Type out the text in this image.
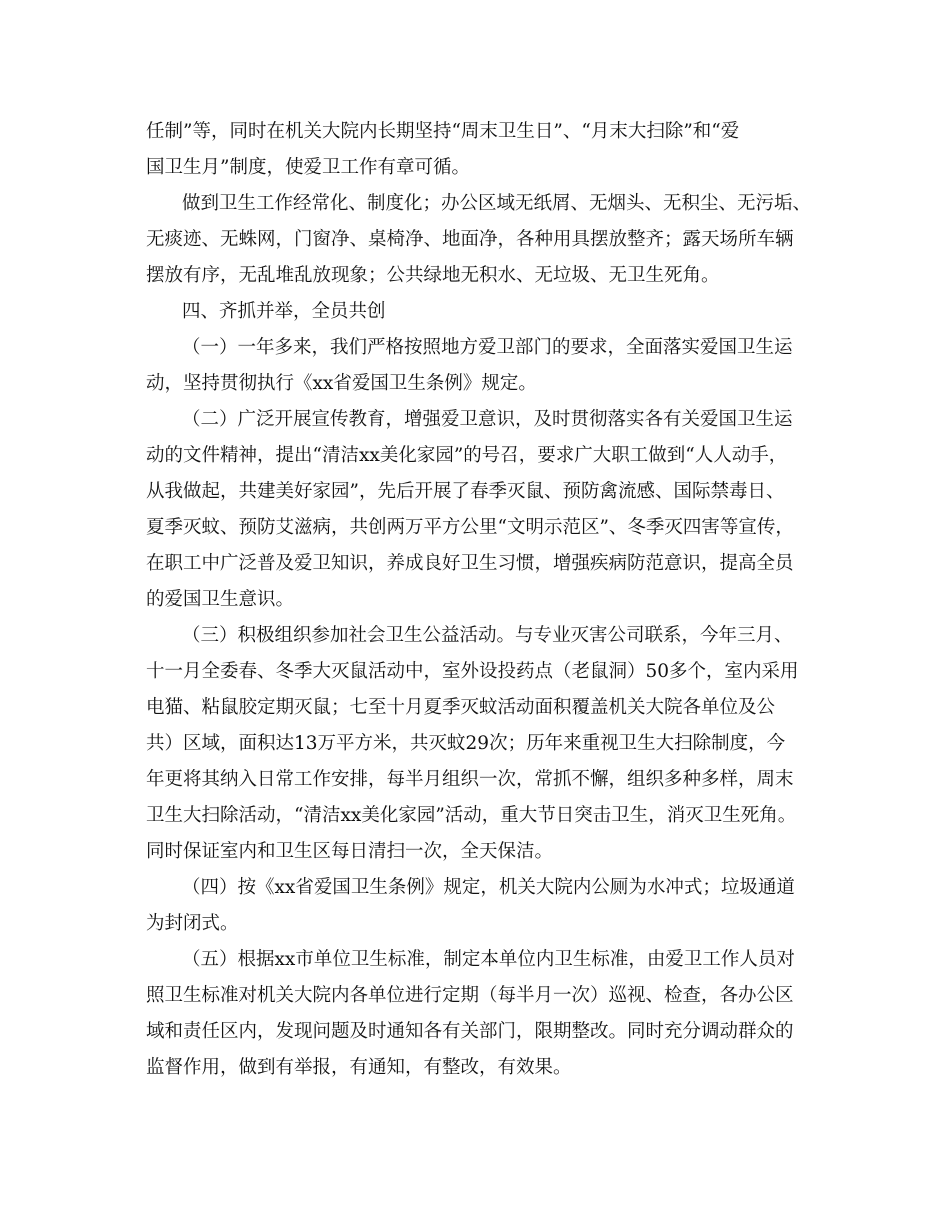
任制”等，同时在机关大院内长期坚持“周末卫生日”、“月末大扫除”和“爱
国卫生月”制度，使爱卫工作有章可循。
做到卫生工作经常化、制度化；办公区域无纸屑、无烟头、无积尘、无污垢、
无痰迹、无蛛网，门窗净、桌椅净、地面净，各种用具摆放整齐；露天场所车辆
摆放有序，无乱堆乱放现象；公共绿地无积水、无垃圾、无卫生死角。
四、齐抓并举，全员共创
（一）一年多来，我们严格按照地方爱卫部门的要求，全面落实爱国卫生运
动，坚持贯彻执行《xx省爱国卫生条例》规定。
（二）广泛开展宣传教育，增强爱卫意识，及时贯彻落实各有关爱国卫生运
动的文件精神，提出“清洁xx美化家园”的号召，要求广大职工做到“人人动手，
从我做起，共建美好家园”，先后开展了春季灭鼠、预防禽流感、国际禁毒日、
夏季灭蚊、预防艾滋病，共创两万平方公里“文明示范区”、冬季灭四害等宣传，
在职工中广泛普及爱卫知识，养成良好卫生习惯，增强疾病防范意识，提高全员
的爱国卫生意识。
（三）积极组织参加社会卫生公益活动。与专业灭害公司联系，今年三月、
十一月全委春、冬季大灭鼠活动中，室外设投药点（老鼠洞）50多个，室内采用
电猫、粘鼠胶定期灭鼠；七至十月夏季灭蚊活动面积覆盖机关大院各单位及公
共）区域，面积达13万平方米，共灭蚊29次；历年来重视卫生大扫除制度，今
年更将其纳入日常工作安排，每半月组织一次，常抓不懈，组织多种多样，周末
卫生大扫除活动，“清洁xx美化家园”活动，重大节日突击卫生，消灭卫生死角。
同时保证室内和卫生区每日清扫一次，全天保洁。
（四）按《xx省爱国卫生条例》规定，机关大院内公厕为水冲式；垃圾通道
为封闭式。
（五）根据xx市单位卫生标准，制定本单位内卫生标准，由爱卫工作人员对
照卫生标准对机关大院内各单位进行定期（每半月一次）巡视、检查，各办公区
域和责任区内，发现问题及时通知各有关部门，限期整改。同时充分调动群众的
监督作用，做到有举报，有通知，有整改，有效果。
